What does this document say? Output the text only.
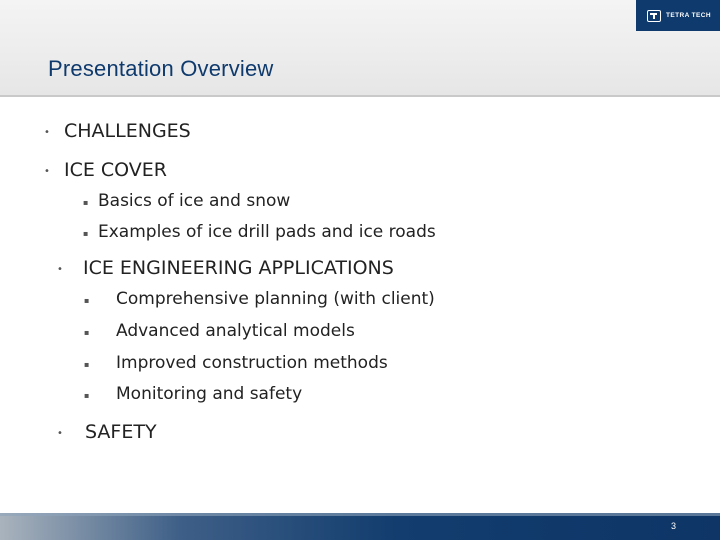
TETRA TECH
Presentation Overview
• CHALLENGES
• ICE COVER
▪ Basics of ice and snow
▪ Examples of ice drill pads and ice roads
• ICE ENGINEERING APPLICATIONS
▪ Comprehensive planning (with client)
▪ Advanced analytical models
▪ Improved construction methods
▪ Monitoring and safety
• SAFETY
3
